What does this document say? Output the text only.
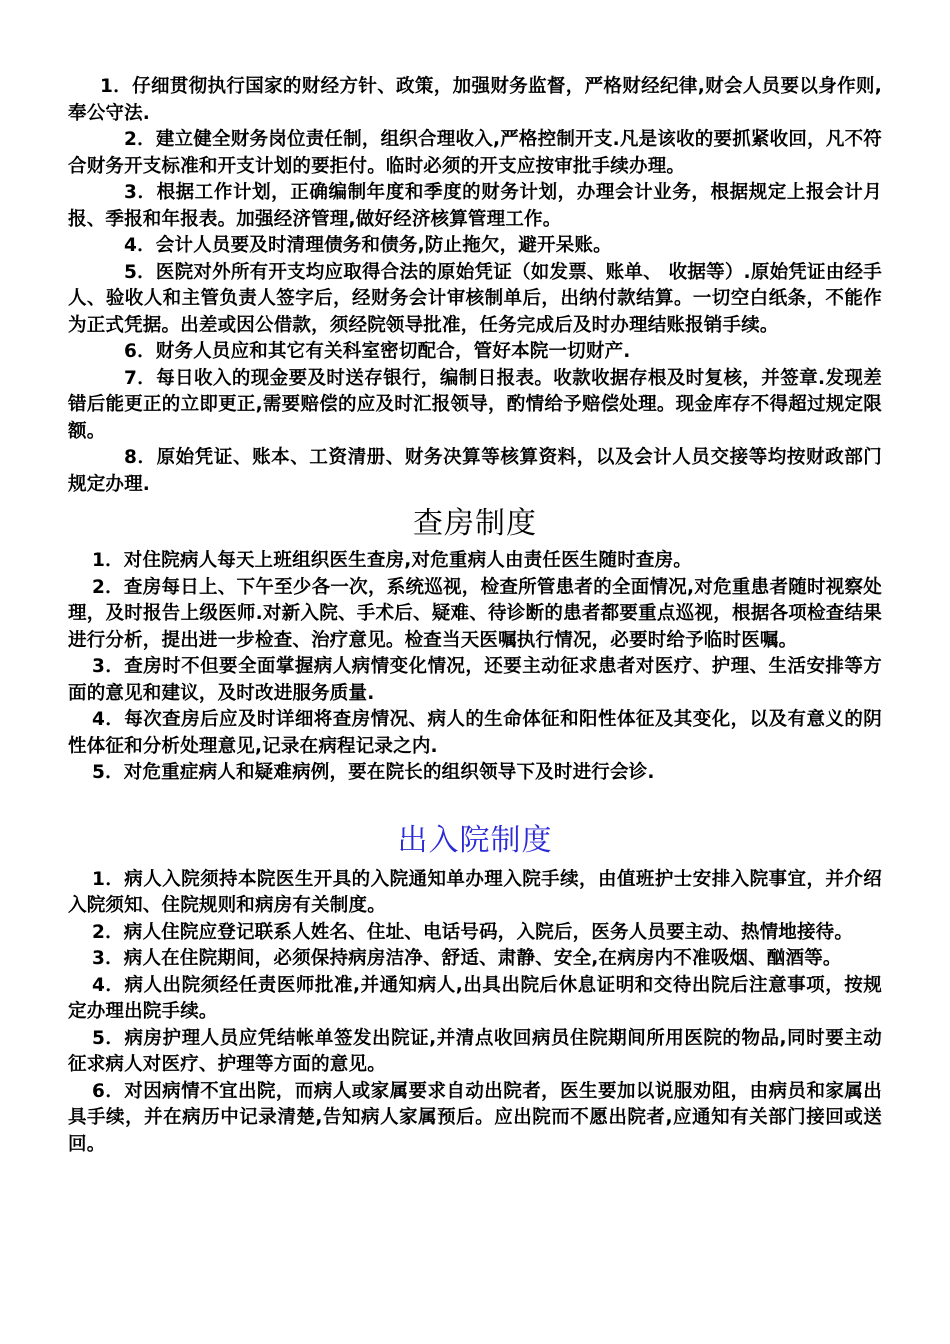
1．仔细贯彻执行国家的财经方针、政策，加强财务监督，严格财经纪律,财会人员要以身作则,奉公守法.

2．建立健全财务岗位责任制，组织合理收入,严格控制开支.凡是该收的要抓紧收回，凡不符合财务开支标准和开支计划的要拒付。临时必须的开支应按审批手续办理。

3．根据工作计划，正确编制年度和季度的财务计划，办理会计业务，根据规定上报会计月报、季报和年报表。加强经济管理,做好经济核算管理工作。

4．会计人员要及时清理债务和债务,防止拖欠，避开呆账。

5．医院对外所有开支均应取得合法的原始凭证（如发票、账单、 收据等）.原始凭证由经手人、验收人和主管负责人签字后，经财务会计审核制单后，出纳付款结算。一切空白纸条，不能作为正式凭据。出差或因公借款，须经院领导批准，任务完成后及时办理结账报销手续。

6．财务人员应和其它有关科室密切配合，管好本院一切财产.

7．每日收入的现金要及时送存银行，编制日报表。收款收据存根及时复核，并签章.发现差错后能更正的立即更正,需要赔偿的应及时汇报领导，酌情给予赔偿处理。现金库存不得超过规定限额。

8．原始凭证、账本、工资清册、财务决算等核算资料，以及会计人员交接等均按财政部门规定办理.

查房制度

1．对住院病人每天上班组织医生查房,对危重病人由责任医生随时查房。

2．查房每日上、下午至少各一次，系统巡视，检查所管患者的全面情况,对危重患者随时视察处理，及时报告上级医师.对新入院、手术后、疑难、待诊断的患者都要重点巡视，根据各项检查结果进行分析，提出进一步检查、治疗意见。检查当天医嘱执行情况，必要时给予临时医嘱。

3．查房时不但要全面掌握病人病情变化情况，还要主动征求患者对医疗、护理、生活安排等方面的意见和建议，及时改进服务质量.

4．每次查房后应及时详细将查房情况、病人的生命体征和阳性体征及其变化，以及有意义的阴性体征和分析处理意见,记录在病程记录之内.

5．对危重症病人和疑难病例，要在院长的组织领导下及时进行会诊.

出入院制度

1．病人入院须持本院医生开具的入院通知单办理入院手续，由值班护士安排入院事宜，并介绍入院须知、住院规则和病房有关制度。

2．病人住院应登记联系人姓名、住址、电话号码，入院后，医务人员要主动、热情地接待。

3．病人在住院期间，必须保持病房洁净、舒适、肃静、安全,在病房内不准吸烟、酗酒等。

4．病人出院须经任责医师批准,并通知病人,出具出院后休息证明和交待出院后注意事项，按规定办理出院手续。

5．病房护理人员应凭结帐单签发出院证,并清点收回病员住院期间所用医院的物品,同时要主动征求病人对医疗、护理等方面的意见。

6．对因病情不宜出院，而病人或家属要求自动出院者，医生要加以说服劝阻，由病员和家属出具手续，并在病历中记录清楚,告知病人家属预后。应出院而不愿出院者,应通知有关部门接回或送回。
